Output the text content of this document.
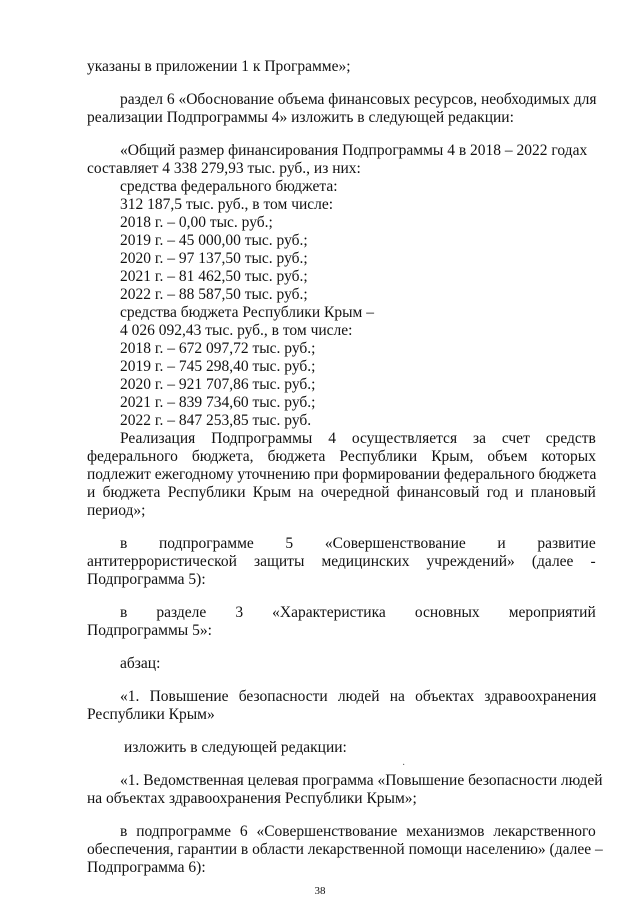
указаны в приложении 1 к Программе»;
раздел 6 «Обоснование объема финансовых ресурсов, необходимых для
реализации Подпрограммы 4» изложить в следующей редакции:
«Общий размер финансирования Подпрограммы 4 в 2018 – 2022 годах
составляет 4 338 279,93 тыс. руб., из них:
средства федерального бюджета:
312 187,5 тыс. руб., в том числе:
2018 г. – 0,00 тыс. руб.;
2019 г. – 45 000,00 тыс. руб.;
2020 г. – 97 137,50 тыс. руб.;
2021 г. – 81 462,50 тыс. руб.;
2022 г. – 88 587,50 тыс. руб.;
средства бюджета Республики Крым –
4 026 092,43 тыс. руб., в том числе:
2018 г. – 672 097,72 тыс. руб.;
2019 г. – 745 298,40 тыс. руб.;
2020 г. – 921 707,86 тыс. руб.;
2021 г. – 839 734,60 тыс. руб.;
2022 г. – 847 253,85 тыс. руб.
Реализация Подпрограммы 4 осуществляется за счет средств
федерального бюджета, бюджета Республики Крым, объем которых
подлежит ежегодному уточнению при формировании федерального бюджета
и бюджета Республики Крым на очередной финансовый год и плановый
период»;
в подпрограмме 5 «Совершенствование и развитие
антитеррористической защиты медицинских учреждений» (далее -
Подпрограмма 5):
в разделе 3 «Характеристика основных мероприятий
Подпрограммы 5»:
абзац:
«1. Повышение безопасности людей на объектах здравоохранения
Республики Крым»
изложить в следующей редакции:
«1. Ведомственная целевая программа «Повышение безопасности людей
на объектах здравоохранения Республики Крым»;
·
в подпрограмме 6 «Совершенствование механизмов лекарственного
обеспечения, гарантии в области лекарственной помощи населению» (далее –
Подпрограмма 6):
38
